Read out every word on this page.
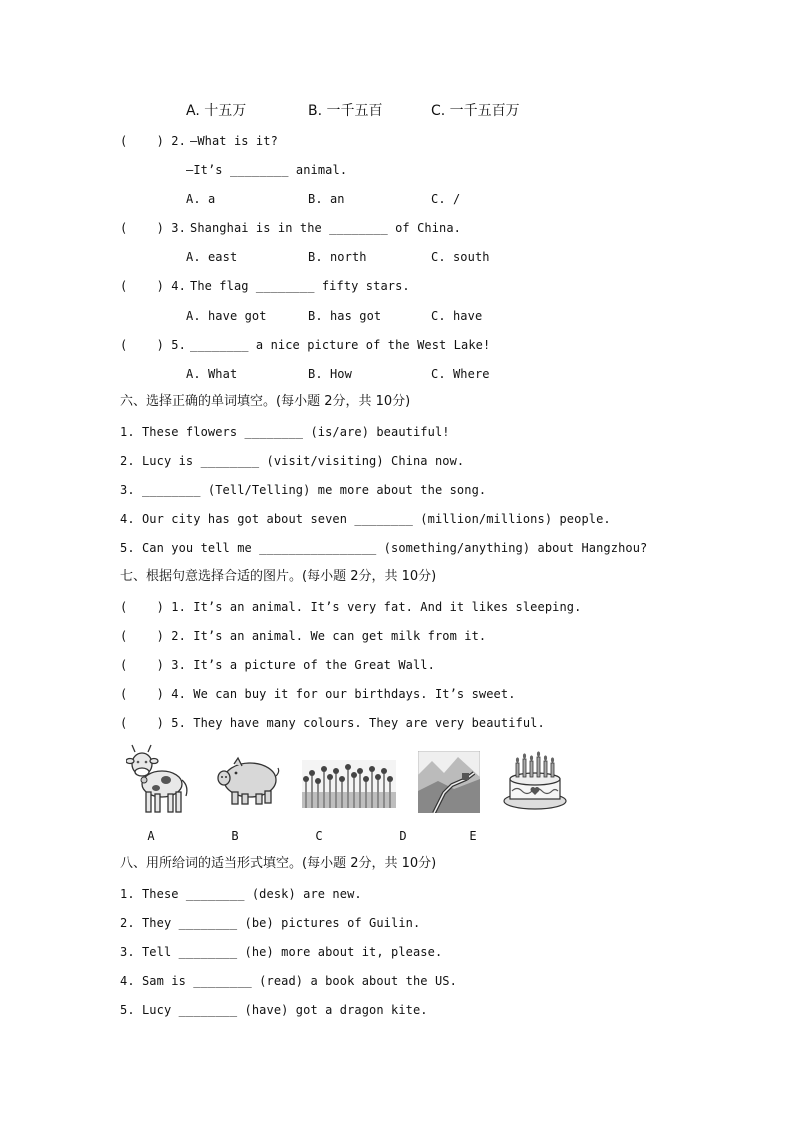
A. 十五万	B. 一千五百	C. 一千五百万
(    ) 2.
—What is it?
—It’s ________ animal.
A. a	B. an	C. /
(    ) 3.
Shanghai is in the ________ of China.
A. east	B. north	C. south
(    ) 4.
The flag ________ fifty stars.
A. have got	B. has got	C. have
(    ) 5.
________ a nice picture of the West Lake!
A. What	B. How	C. Where
六、选择正确的单词填空。(每小题 2分，共 10分)
1. These flowers ________ (is/are) beautiful!
2. Lucy is ________ (visit/visiting) China now.
3. ________ (Tell/Telling) me more about the song.
4. Our city has got about seven ________ (million/millions) people.
5. Can you tell me ________________ (something/anything) about Hangzhou?
七、根据句意选择合适的图片。(每小题 2分，共 10分)
(    ) 1. It’s an animal. It’s very fat. And it likes sleeping.
(    ) 2. It’s an animal. We can get milk from it.
(    ) 3. It’s a picture of the Great Wall.
(    ) 4. We can buy it for our birthdays. It’s sweet.
(    ) 5. They have many colours. They are very beautiful.
A	B	C	D	E
八、用所给词的适当形式填空。(每小题 2分，共 10分)
1. These ________ (desk) are new.
2. They ________ (be) pictures of Guilin.
3. Tell ________ (he) more about it, please.
4. Sam is ________ (read) a book about the US.
5. Lucy ________ (have) got a dragon kite.
